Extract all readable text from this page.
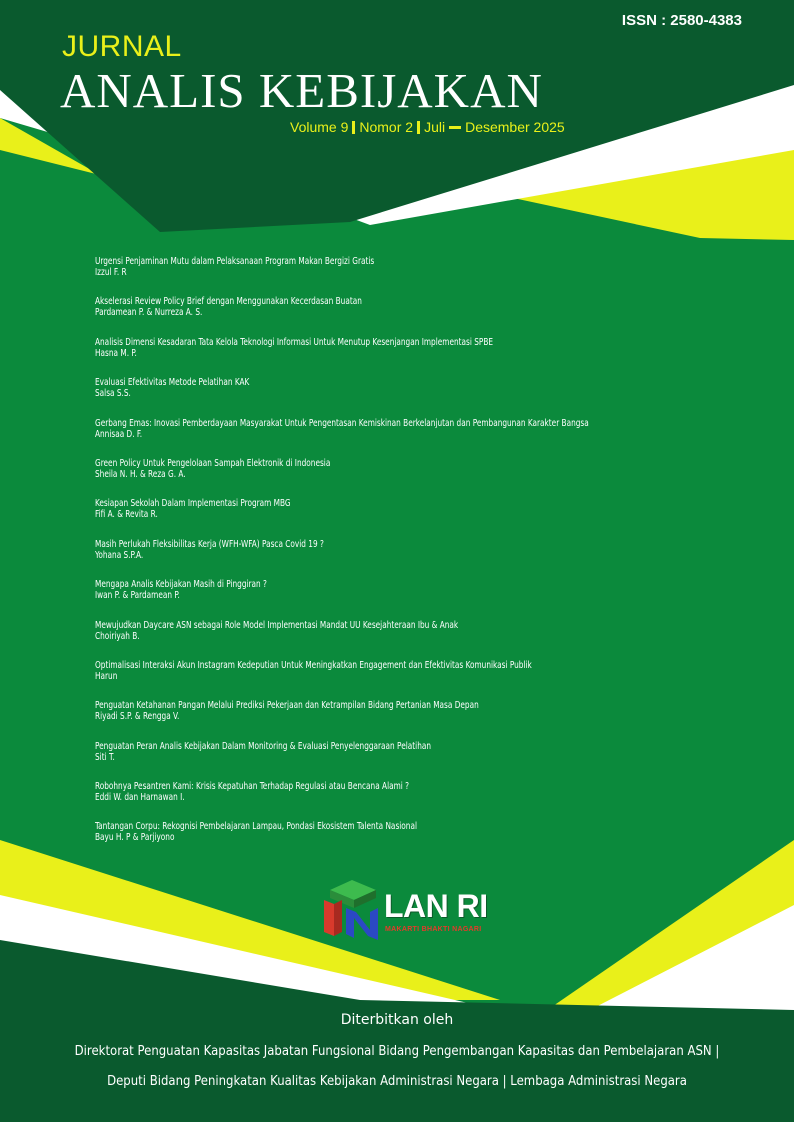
ISSN : 2580-4383
JURNAL
ANALIS KEBIJAKAN
Volume 9 Nomor 2 Juli Desember 2025
Urgensi Penjaminan Mutu dalam Pelaksanaan Program Makan Bergizi Gratis
Izzul F. R
Akselerasi Review Policy Brief dengan Menggunakan Kecerdasan Buatan
Pardamean P. & Nurreza A. S.
Analisis Dimensi Kesadaran Tata Kelola Teknologi Informasi Untuk Menutup Kesenjangan Implementasi SPBE
Hasna M. P.
Evaluasi Efektivitas Metode Pelatihan KAK
Salsa S.S.
Gerbang Emas: Inovasi Pemberdayaan Masyarakat Untuk Pengentasan Kemiskinan Berkelanjutan dan Pembangunan Karakter Bangsa
Annisaa D. F.
Green Policy Untuk Pengelolaan Sampah Elektronik di Indonesia
Sheila N. H. & Reza G. A.
Kesiapan Sekolah Dalam Implementasi Program MBG
Fifi A. & Revita R.
Masih Perlukah Fleksibilitas Kerja (WFH-WFA) Pasca Covid 19 ?
Yohana S.P.A.
Mengapa Analis Kebijakan Masih di Pinggiran ?
Iwan P. & Pardamean P.
Mewujudkan Daycare ASN sebagai Role Model Implementasi Mandat UU Kesejahteraan Ibu & Anak
Choiriyah B.
Optimalisasi Interaksi Akun Instagram Kedeputian Untuk Meningkatkan Engagement dan Efektivitas Komunikasi Publik
Harun
Penguatan Ketahanan Pangan Melalui Prediksi Pekerjaan dan Ketrampilan Bidang Pertanian Masa Depan
Riyadi S.P. & Rengga V.
Penguatan Peran Analis Kebijakan Dalam Monitoring & Evaluasi Penyelenggaraan Pelatihan
Siti T.
Robohnya Pesantren Kami: Krisis Kepatuhan Terhadap Regulasi atau Bencana Alami ?
Eddi W. dan Harnawan I.
Tantangan Corpu: Rekognisi Pembelajaran Lampau, Pondasi Ekosistem Talenta Nasional
Bayu H. P & Parjiyono
LAN RI
MAKARTI BHAKTI NAGARI
Diterbitkan oleh
Direktorat Penguatan Kapasitas Jabatan Fungsional Bidang Pengembangan Kapasitas dan Pembelajaran ASN |
Deputi Bidang Peningkatan Kualitas Kebijakan Administrasi Negara | Lembaga Administrasi Negara
